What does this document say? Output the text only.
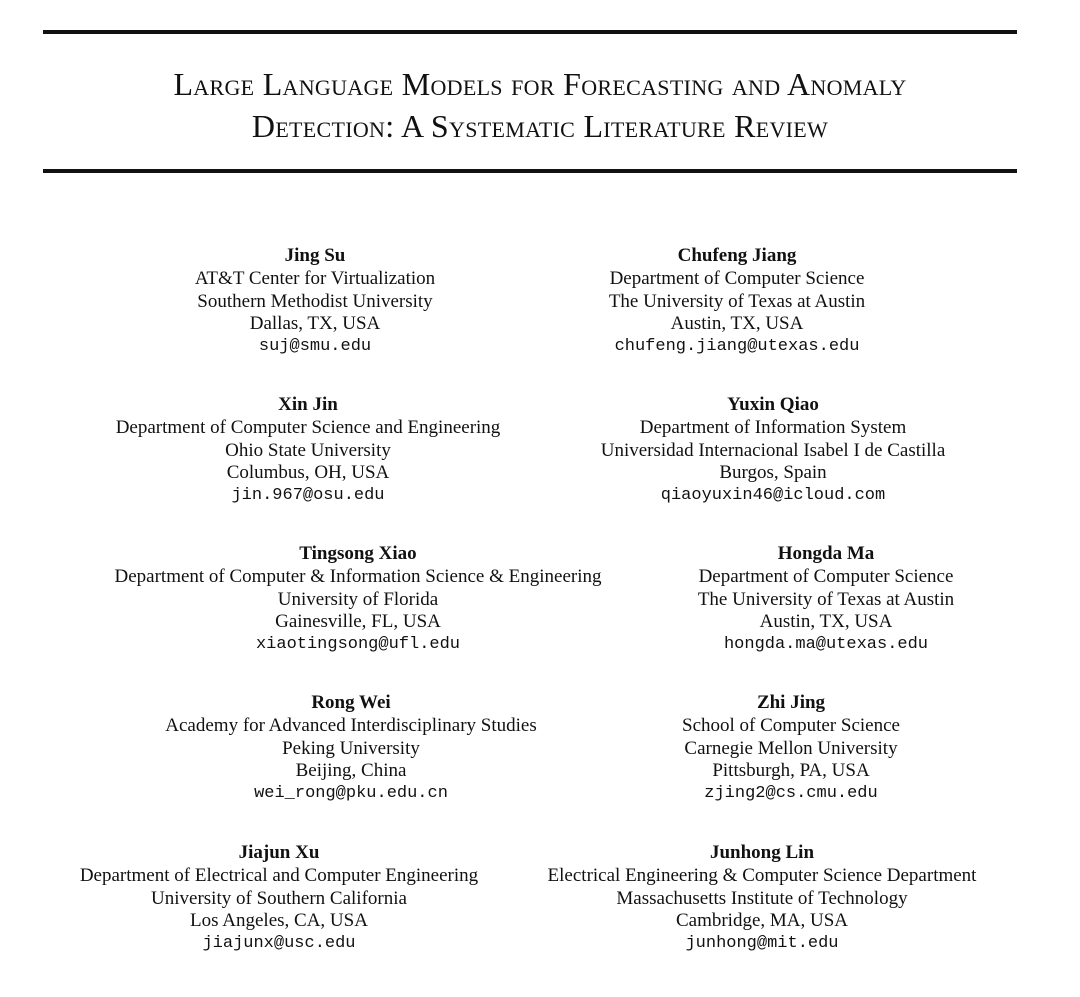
Large Language Models for Forecasting and Anomaly
Detection: A Systematic Literature Review
Jing Su
AT&T Center for Virtualization
Southern Methodist University
Dallas, TX, USA
suj@smu.edu
Chufeng Jiang
Department of Computer Science
The University of Texas at Austin
Austin, TX, USA
chufeng.jiang@utexas.edu
Xin Jin
Department of Computer Science and Engineering
Ohio State University
Columbus, OH, USA
jin.967@osu.edu
Yuxin Qiao
Department of Information System
Universidad Internacional Isabel I de Castilla
Burgos, Spain
qiaoyuxin46@icloud.com
Tingsong Xiao
Department of Computer & Information Science & Engineering
University of Florida
Gainesville, FL, USA
xiaotingsong@ufl.edu
Hongda Ma
Department of Computer Science
The University of Texas at Austin
Austin, TX, USA
hongda.ma@utexas.edu
Rong Wei
Academy for Advanced Interdisciplinary Studies
Peking University
Beijing, China
wei_rong@pku.edu.cn
Zhi Jing
School of Computer Science
Carnegie Mellon University
Pittsburgh, PA, USA
zjing2@cs.cmu.edu
Jiajun Xu
Department of Electrical and Computer Engineering
University of Southern California
Los Angeles, CA, USA
jiajunx@usc.edu
Junhong Lin
Electrical Engineering & Computer Science Department
Massachusetts Institute of Technology
Cambridge, MA, USA
junhong@mit.edu
